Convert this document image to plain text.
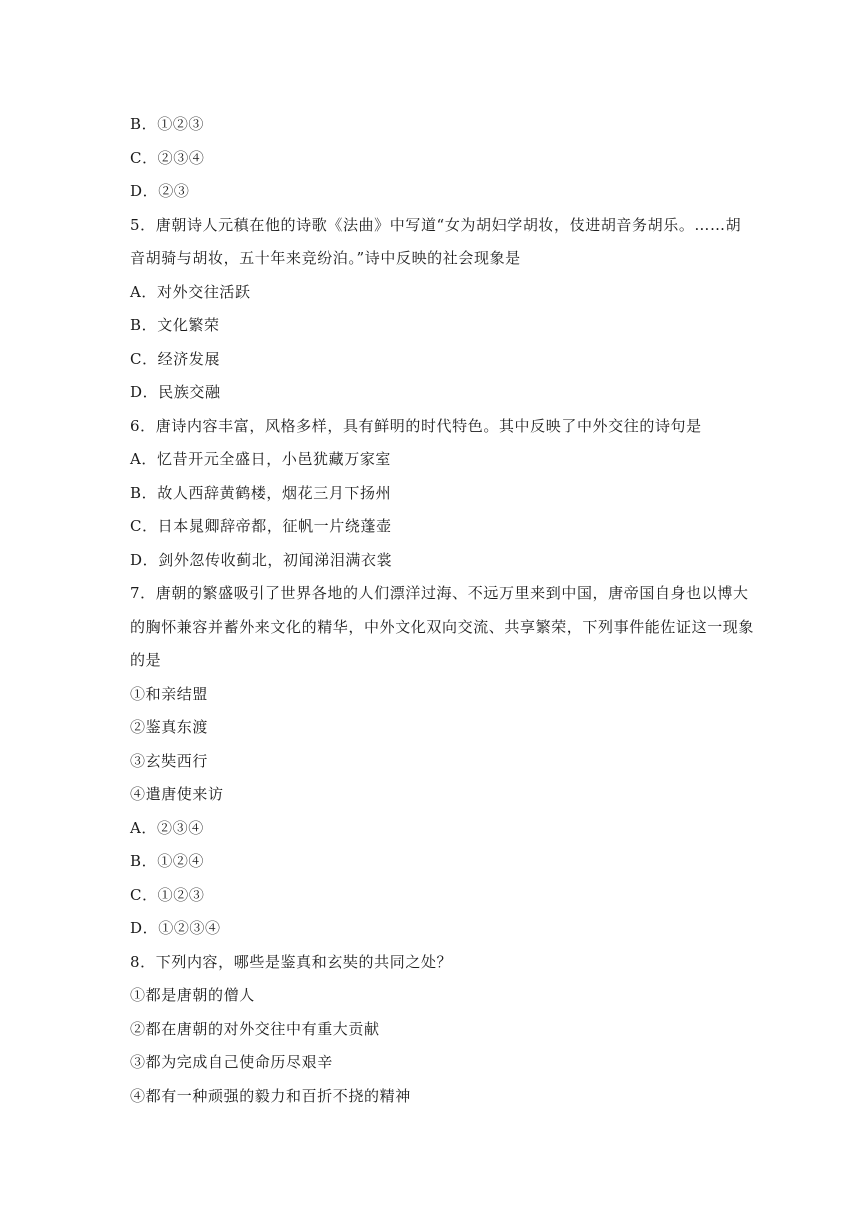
B．①②③
C．②③④
D．②③
5．唐朝诗人元稹在他的诗歌《法曲》中写道“女为胡妇学胡妆，伎进胡音务胡乐。……胡
音胡骑与胡妆，五十年来竞纷泊。”诗中反映的社会现象是
A．对外交往活跃
B．文化繁荣
C．经济发展
D．民族交融
6．唐诗内容丰富，风格多样，具有鲜明的时代特色。其中反映了中外交往的诗句是
A．忆昔开元全盛日，小邑犹藏万家室
B．故人西辞黄鹤楼，烟花三月下扬州
C．日本晁卿辞帝都，征帆一片绕蓬壶
D．剑外忽传收蓟北，初闻涕泪满衣裳
7．唐朝的繁盛吸引了世界各地的人们漂洋过海、不远万里来到中国，唐帝国自身也以博大
的胸怀兼容并蓄外来文化的精华，中外文化双向交流、共享繁荣，下列事件能佐证这一现象
的是
①和亲结盟
②鉴真东渡
③玄奘西行
④遣唐使来访
A．②③④
B．①②④
C．①②③
D．①②③④
8．下列内容，哪些是鉴真和玄奘的共同之处？
①都是唐朝的僧人
②都在唐朝的对外交往中有重大贡献
③都为完成自己使命历尽艰辛
④都有一种顽强的毅力和百折不挠的精神
